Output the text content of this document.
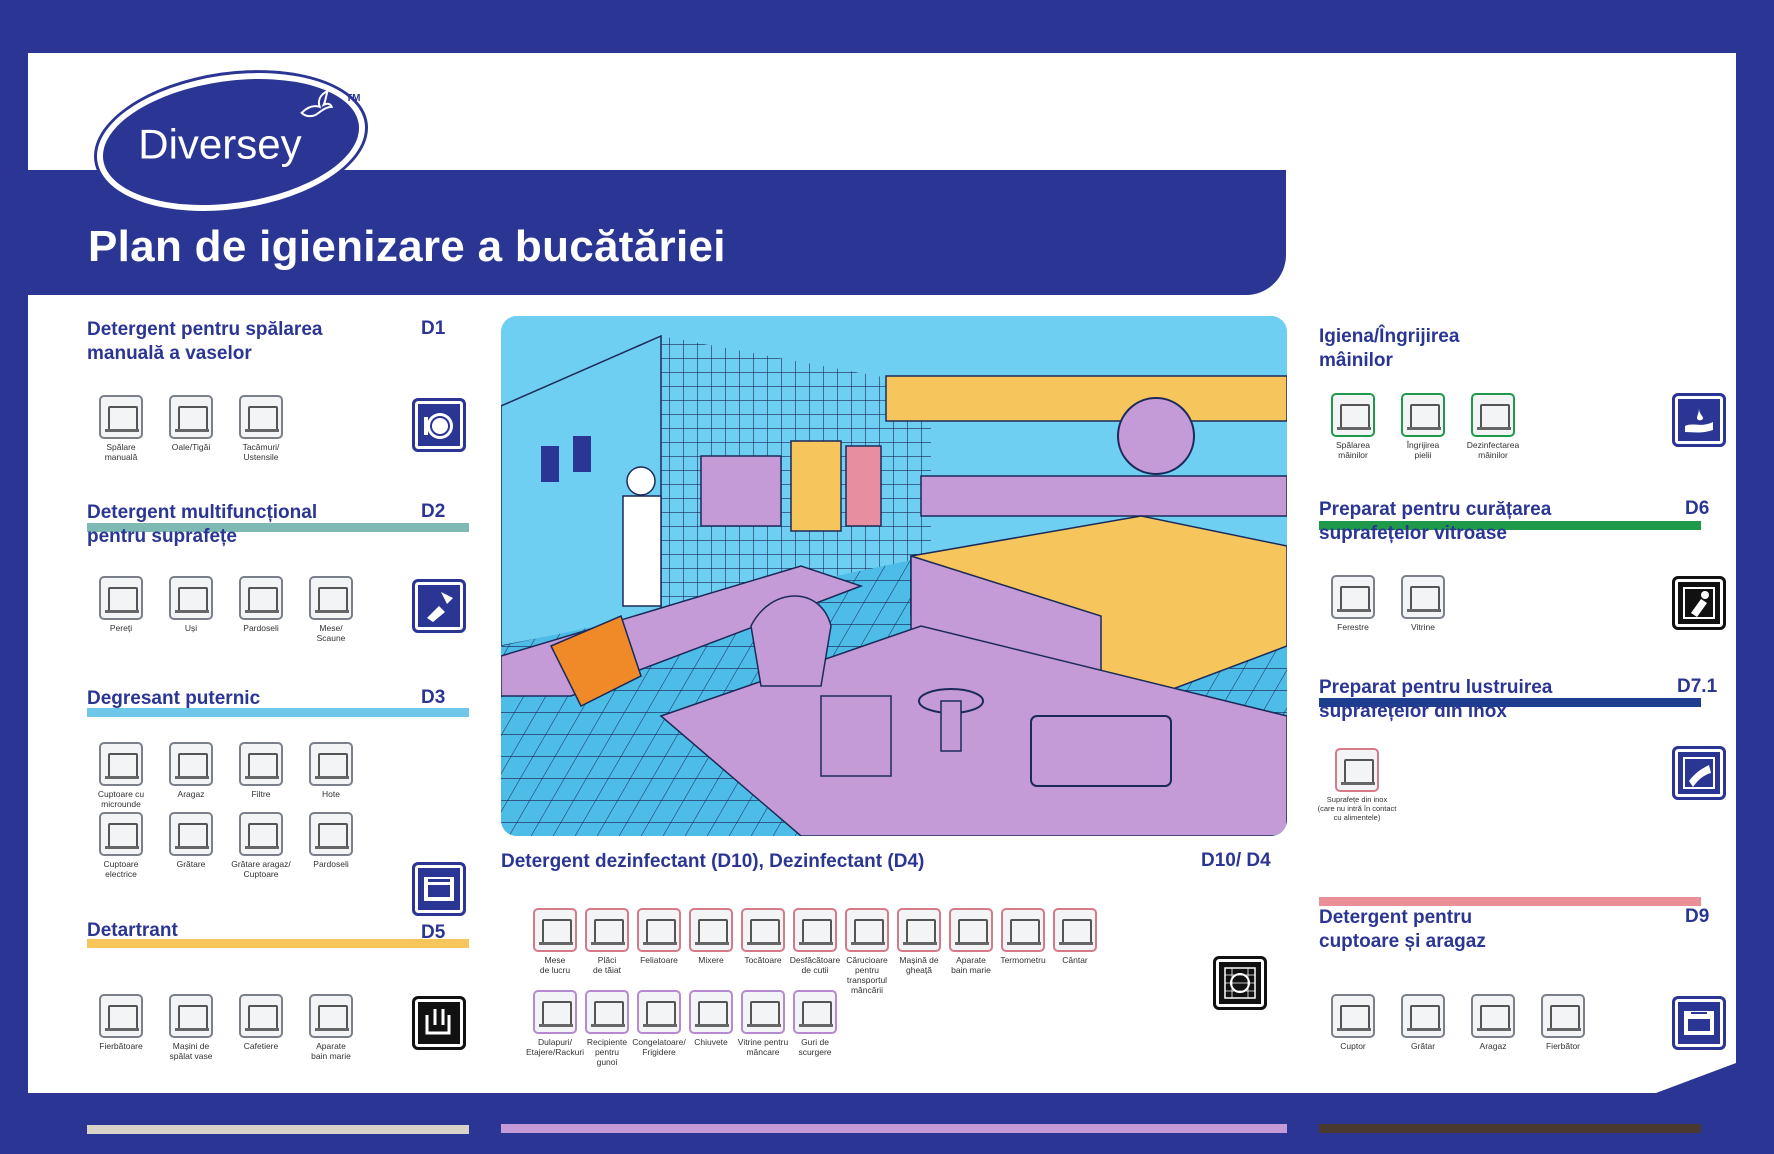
Plan de igienizare a bucătăriei
Diversey
TM
Detergent pentru spălarea
manuală a vaselor
D1
Spălare
manuală
Oale/Tigăi	Tacâmuri/
Ustensile
Detergent multifuncțional
pentru suprafețe
D2
Pereți	Uși	Pardoseli	Mese/
Scaune
Degresant puternic	D3
Cuptoare cu
microunde
Aragaz	Filtre	Hote
Cuptoare
electrice
Grătare	Grătare aragaz/
Cuptoare
Pardoseli
Detartrant	D5
Fierbătoare	Mașini de
spălat vase
Cafetiere	Aparate
bain marie
Detergent dezinfectant (D10), Dezinfectant (D4)	D10/ D4
Mese
de lucru
Plăci
de tăiat
Feliatoare	Mixere	Tocătoare Desfăcătoare
de cutii
Cărucioare
pentru
transportul
mâncării
Mașină de
gheață
Aparate
bain marie
Termometru	Cântar
Dulapuri/
Etajere/Rackuri
Recipiente
pentru
gunoi
Congelatoare/
Frigidere
Chiuvete	Vitrine pentru
mâncare
Guri de
scurgere
Igiena/Îngrijirea
mâinilor
Spălarea
mâinilor
Îngrijirea
pielii
Dezinfectarea
mâinilor
Preparat pentru curățarea
suprafețelor vitroase
D6
Ferestre	Vitrine
Preparat pentru lustruirea
suprafețelor din inox
D7.1
Suprafețe din inox
(care nu intră în contact
cu alimentele)
Detergent pentru
cuptoare și aragaz
D9
Cuptor	Grătar	Aragaz	Fierbător
